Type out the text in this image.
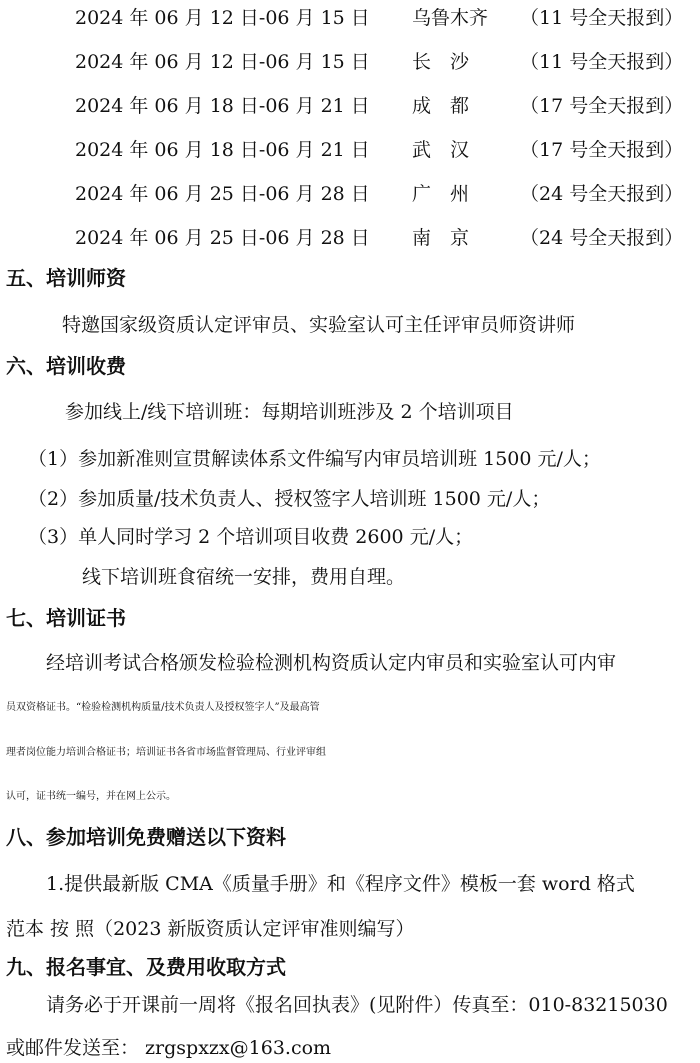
2024 年 06 月 12 日-06 月 15 日 乌鲁木齐 （11 号全天报到）
2024 年 06 月 12 日-06 月 15 日 长　沙	（11 号全天报到）
2024 年 06 月 18 日-06 月 21 日 成　都	（17 号全天报到）
2024 年 06 月 18 日-06 月 21 日 武　汉	（17 号全天报到）
2024 年 06 月 25 日-06 月 28 日 广　州	（24 号全天报到）
2024 年 06 月 25 日-06 月 28 日 南　京	（24 号全天报到）
五、培训师资
特邀国家级资质认定评审员、实验室认可主任评审员师资讲师
六、培训收费
参加线上/线下培训班：每期培训班涉及 2 个培训项目
（1）参加新准则宣贯解读体系文件编写内审员培训班 1500 元/人；
（2）参加质量/技术负责人、授权签字人培训班 1500 元/人；
（3）单人同时学习 2 个培训项目收费 2600 元/人；
线下培训班食宿统一安排，费用自理。
七、培训证书
经培训考试合格颁发检验检测机构资质认定内审员和实验室认可内审
员双资格证书。“检验检测机构质量/技术负责人及授权签字人”及最高管
理者岗位能力培训合格证书；培训证书各省市场监督管理局、行业评审组
认可，证书统一编号，并在网上公示。
八、参加培训免费赠送以下资料
1.提供最新版 CMA《质量手册》和《程序文件》模板一套 word 格式
范本 按 照（2023 新版资质认定评审准则编写）
九、报名事宜、及费用收取方式
请务必于开课前一周将《报名回执表》(见附件）传真至：010-83215030
或邮件发送至： zrgspxzx@163.com
